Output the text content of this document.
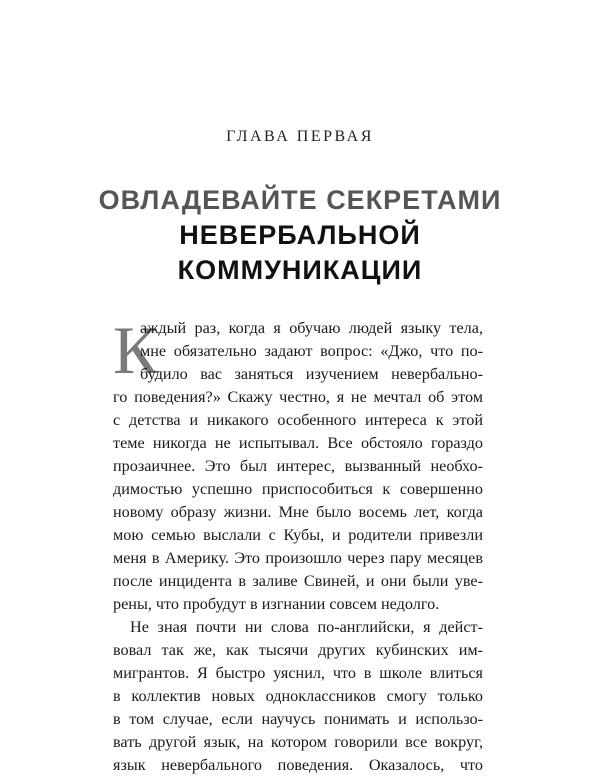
ГЛАВА ПЕРВАЯ
ОВЛАДЕВАЙТЕ СЕКРЕТАМИ
НЕВЕРБАЛЬНОЙ
КОММУНИКАЦИИ
К
аждый раз, когда я обучаю людей языку тела,
мне обязательно задают вопрос: «Джо, что по-
будило вас заняться изучением невербально-
го поведения?» Скажу честно, я не мечтал об этом
с детства и никакого особенного интереса к этой
теме никогда не испытывал. Все обстояло гораздо
прозаичнее. Это был интерес, вызванный необхо-
димостью успешно приспособиться к совершенно
новому образу жизни. Мне было восемь лет, когда
мою семью выслали с Кубы, и родители привезли
меня в Америку. Это произошло через пару месяцев
после инцидента в заливе Свиней, и они были уве-
рены, что пробудут в изгнании совсем недолго.
Не зная почти ни слова по-английски, я дейст-
вовал так же, как тысячи других кубинских им-
мигрантов. Я быстро уяснил, что в школе влиться
в коллектив новых одноклассников смогу только
в том случае, если научусь понимать и использо-
вать другой язык, на котором говорили все вокруг,
язык невербального поведения. Оказалось, что
